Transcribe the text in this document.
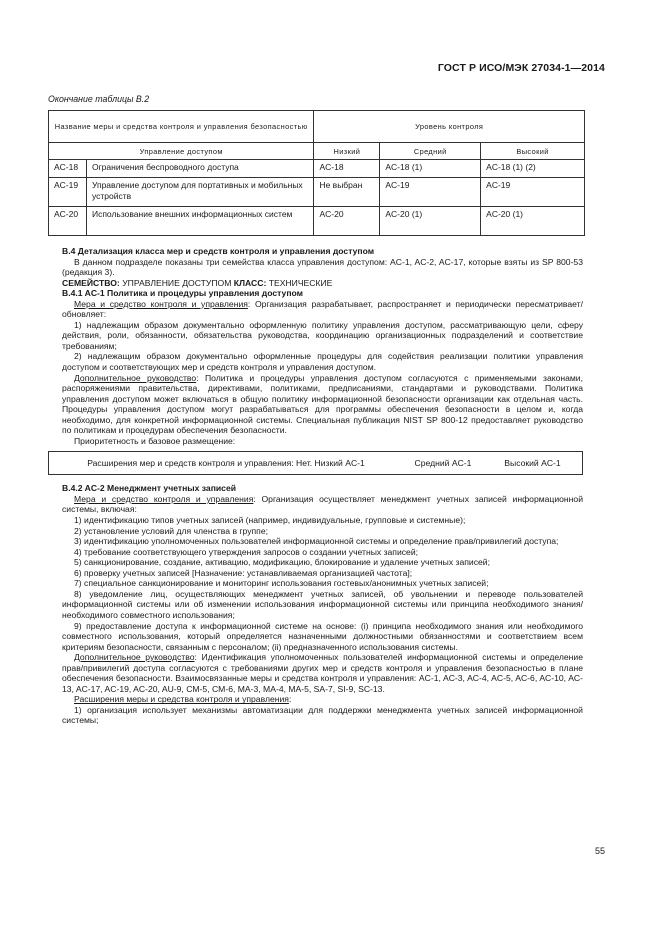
ГОСТ Р ИСО/МЭК 27034-1—2014
Окончание таблицы B.2
Название меры и средства контроля и управления безопасностью		Уровень контроля		
Управление доступом		Низкий	Средний	Высокий
AC-18	Ограничения беспроводного доступа	AC-18	AC-18 (1)	AC-18 (1) (2)
AC-19	Управление доступом для портативных и мобильных устройств	Не выбран	AC-19	AC-19
AC-20	Использование внешних информационных систем	AC-20	AC-20 (1)	AC-20 (1)

B.4 Детализация класса мер и средств контроля и управления доступом

В данном подразделе показаны три семейства класса управления доступом: AC-1, AC-2, AC-17, которые взяты из SP 800-53 (редакция 3).

СЕМЕЙСТВО: УПРАВЛЕНИЕ ДОСТУПОМ КЛАСС: ТЕХНИЧЕСКИЕ

B.4.1 AC-1 Политика и процедуры управления доступом

Мера и средство контроля и управления: Организация разрабатывает, распространяет и периодически пересматривает/обновляет:

1) надлежащим образом документально оформленную политику управления доступом, рассматривающую цели, сферу действия, роли, обязанности, обязательства руководства, координацию организационных подразделений и соответствие требованиям;

2) надлежащим образом документально оформленные процедуры для содействия реализации политики управления доступом и соответствующих мер и средств контроля и управления доступом.

Дополнительное руководство: Политика и процедуры управления доступом согласуются с применяемыми законами, распоряжениями правительства, директивами, политиками, предписаниями, стандартами и руководствами. Политика управления доступом может включаться в общую политику информационной безопасности организации как отдельная часть. Процедуры управления доступом могут разрабатываться для программы обеспечения безопасности в целом и, когда необходимо, для конкретной информационной системы. Специальная публикация NIST SP 800-12 предоставляет руководство по политикам и процедурам обеспечения безопасности.

Приоритетность и базовое размещение:

Расширения мер и средств контроля и управления: Нет. Низкий AC-1	Средний AC-1	Высокий AC-1

B.4.2 AC-2 Менеджмент учетных записей

Мера и средство контроля и управления: Организация осуществляет менеджмент учетных записей информационной системы, включая:

1) идентификацию типов учетных записей (например, индивидуальные, групповые и системные);

2) установление условий для членства в группе;

3) идентификацию уполномоченных пользователей информационной системы и определение прав/привилегий доступа;

4) требование соответствующего утверждения запросов о создании учетных записей;

5) санкционирование, создание, активацию, модификацию, блокирование и удаление учетных записей;

6) проверку учетных записей [Назначение: устанавливаемая организацией частота];

7) специальное санкционирование и мониторинг использования гостевых/анонимных учетных записей;

8) уведомление лиц, осуществляющих менеджмент учетных записей, об увольнении и переводе пользователей информационной системы или об изменении использования информационной системы или принципа необходимого знания/необходимого совместного использования;

9) предоставление доступа к информационной системе на основе: (i) принципа необходимого знания или необходимого совместного использования, который определяется назначенными должностными обязанностями и соответствием всем критериям безопасности, связанным с персоналом; (ii) предназначенного использования системы.

Дополнительное руководство: Идентификация уполномоченных пользователей информационной системы и определение прав/привилегий доступа согласуются с требованиями других мер и средств контроля и управления безопасностью в плане обеспечения безопасности. Взаимосвязанные меры и средства контроля и управления: AC-1, AC-3, AC-4, AC-5, AC-6, AC-10, AC-13, AC-17, AC-19, AC-20, AU-9, CM-5, CM-6, MA-3, MA-4, MA-5, SA-7, SI-9, SC-13.

Расширения меры и средства контроля и управления:

1) организация использует механизмы автоматизации для поддержки менеджмента учетных записей информационной системы;

55
